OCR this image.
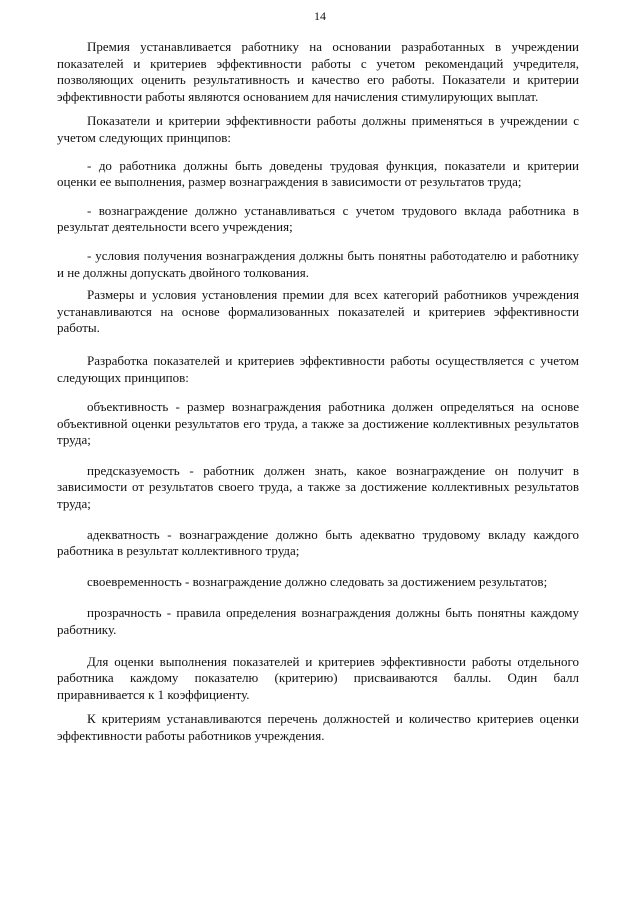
14

Премия устанавливается работнику на основании разработанных в учреждении показателей и критериев эффективности работы с учетом рекомендаций учредителя, позволяющих оценить результативность и качество его работы. Показатели и критерии эффективности работы являются основанием для начисления стимулирующих выплат.

Показатели и критерии эффективности работы должны применяться в учреждении с учетом следующих принципов:

- до работника должны быть доведены трудовая функция, показатели и критерии оценки ее выполнения, размер вознаграждения в зависимости от результатов труда;

- вознаграждение должно устанавливаться с учетом трудового вклада работника в результат деятельности всего учреждения;

- условия получения вознаграждения должны быть понятны работодателю и работнику и не должны допускать двойного толкования.

Размеры и условия установления премии для всех категорий работников учреждения устанавливаются на основе формализованных показателей и критериев эффективности работы.

Разработка показателей и критериев эффективности работы осуществляется с учетом следующих принципов:

объективность - размер вознаграждения работника должен определяться на основе объективной оценки результатов его труда, а также за достижение коллективных результатов труда;

предсказуемость - работник должен знать, какое вознаграждение он получит в зависимости от результатов своего труда, а также за достижение коллективных результатов труда;

адекватность - вознаграждение должно быть адекватно трудовому вкладу каждого работника в результат коллективного труда;

своевременность - вознаграждение должно следовать за достижением результатов;

прозрачность - правила определения вознаграждения должны быть понятны каждому работнику.

Для оценки выполнения показателей и критериев эффективности работы отдельного работника каждому показателю (критерию) присваиваются баллы. Один балл приравнивается к 1 коэффициенту.

К критериям устанавливаются перечень должностей и количество критериев оценки эффективности работы работников учреждения.
